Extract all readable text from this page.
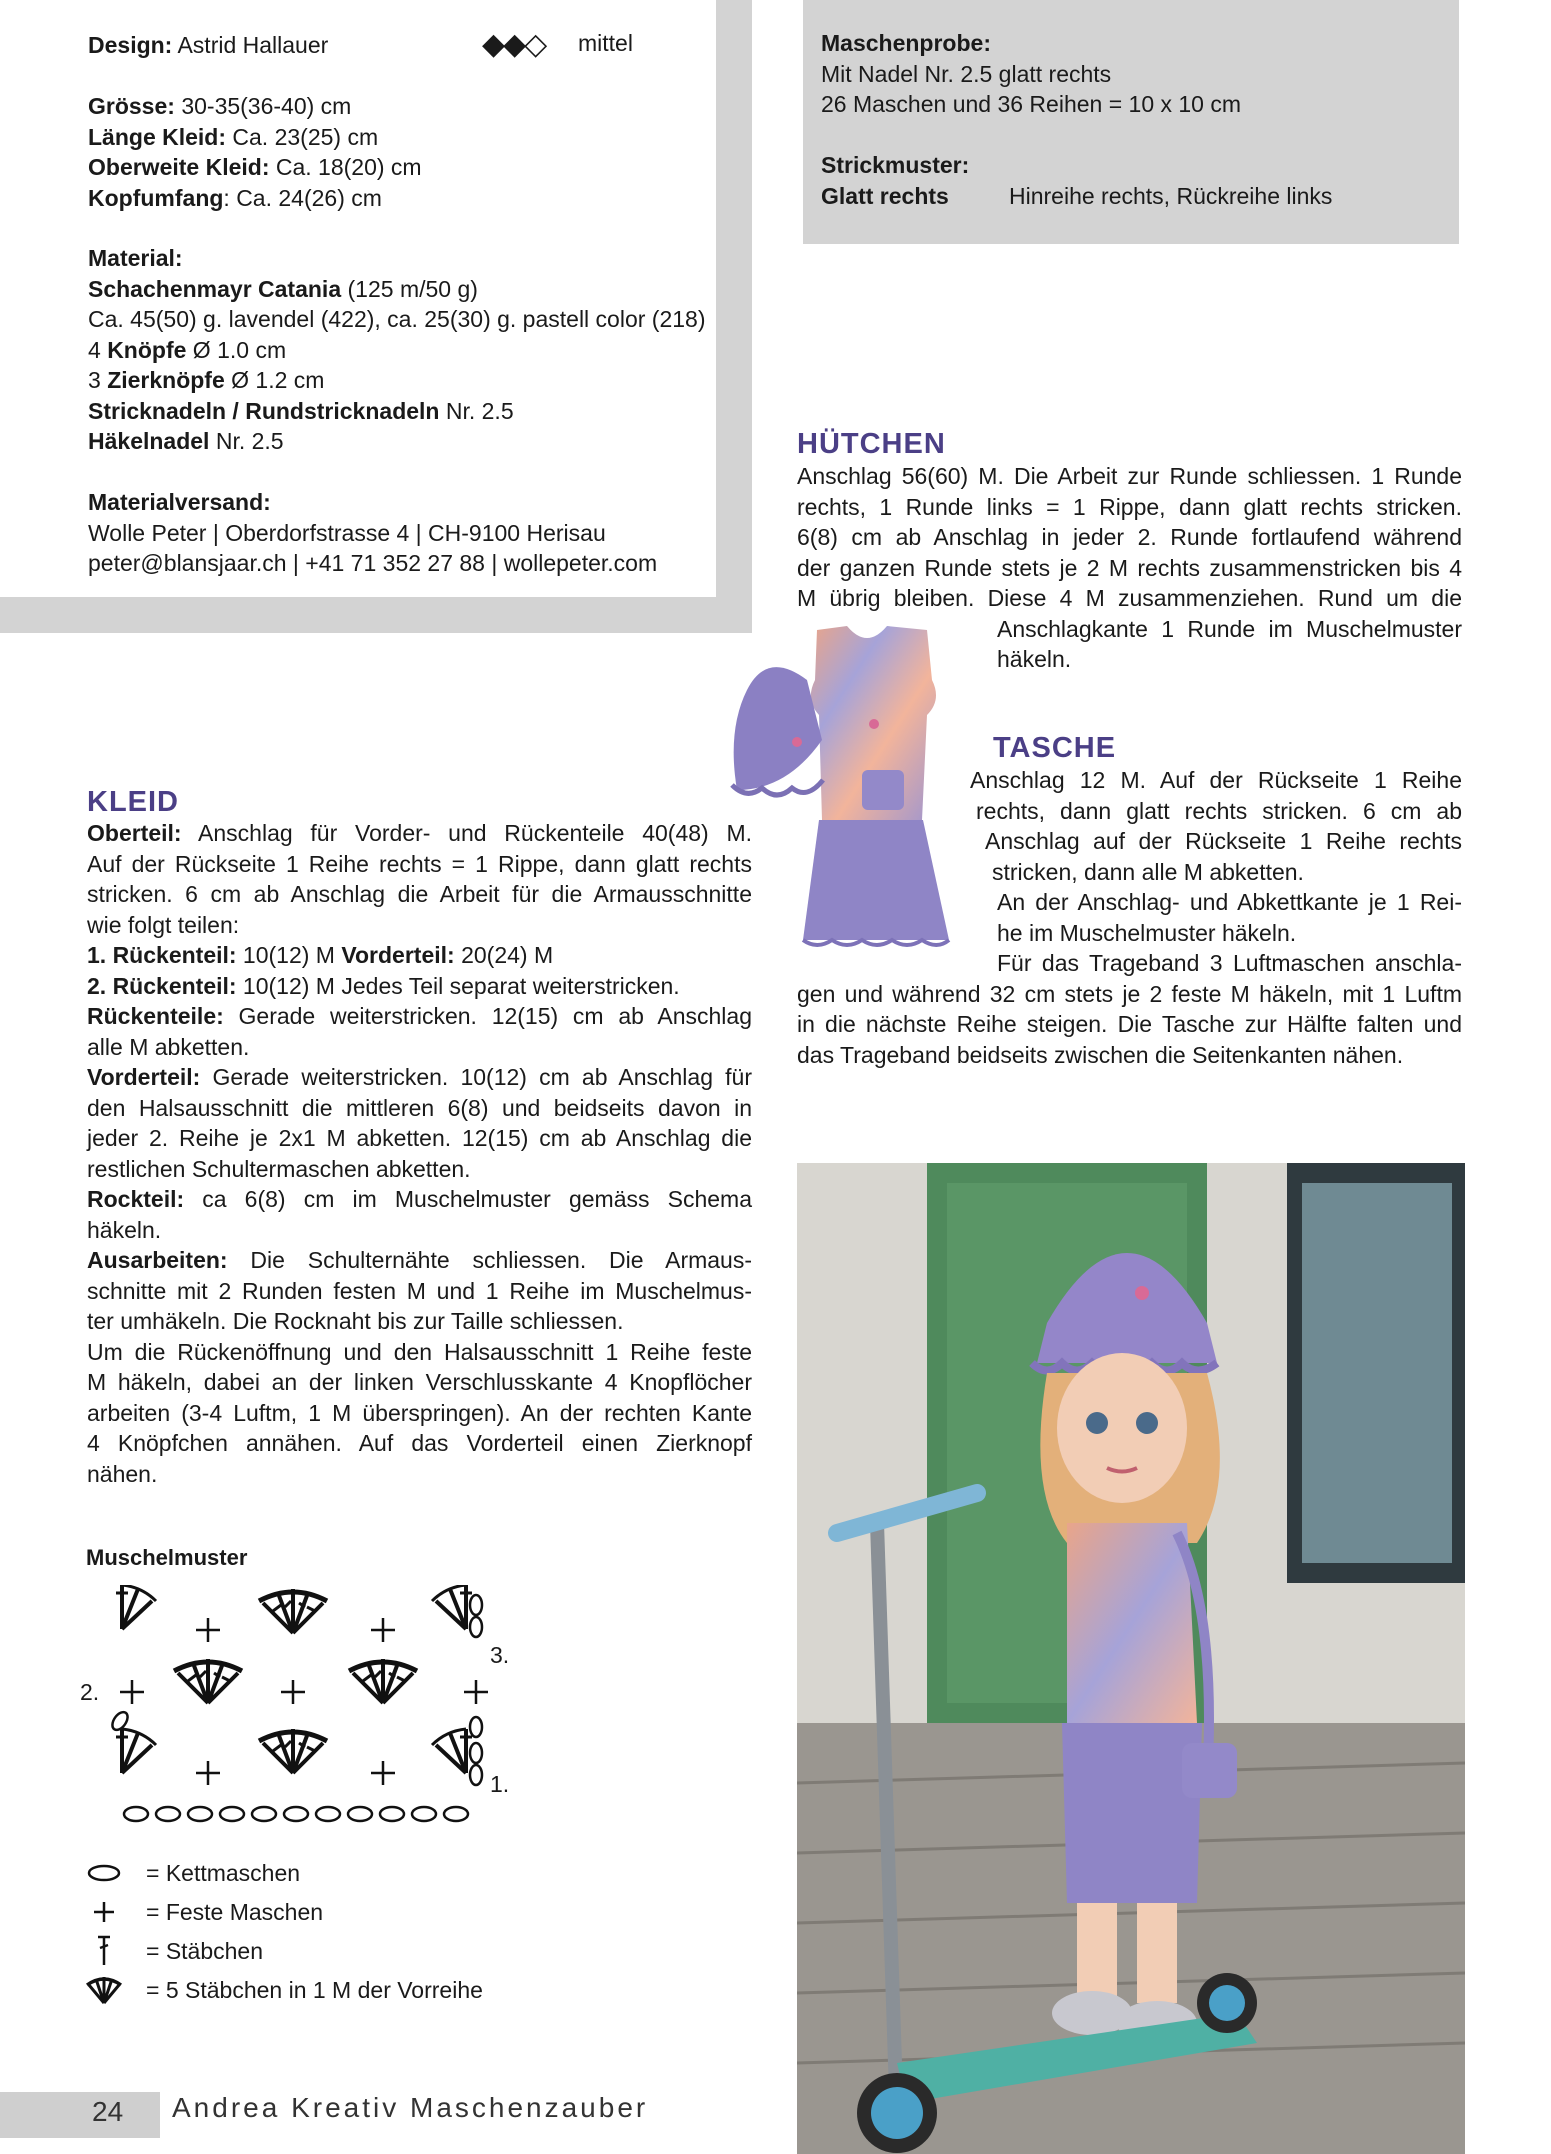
Design: Astrid Hallauer	◆◆◇ mittel

Grösse: 30-35(36-40) cm

Länge Kleid: Ca. 23(25) cm

Oberweite Kleid: Ca. 18(20) cm

Kopfumfang: Ca. 24(26) cm

Material:

Schachenmayr Catania (125 m/50 g)

Ca. 45(50) g. lavendel (422), ca. 25(30) g. pastell color (218)

4 Knöpfe Ø 1.0 cm

3 Zierknöpfe Ø 1.2 cm

Stricknadeln / Rundstricknadeln Nr. 2.5

Häkelnadel Nr. 2.5

Materialversand:

Wolle Peter | Oberdorfstrasse 4 | CH-9100 Herisau

peter@blansjaar.ch | +41 71 352 27 88 | wollepeter.com

Maschenprobe:

Mit Nadel Nr. 2.5 glatt rechts

26 Maschen und 36 Reihen = 10 x 10 cm

Strickmuster:

Glatt rechts	Hinreihe rechts, Rückreihe links

HÜTCHEN

Anschlag 56(60) M. Die Arbeit zur Runde schliessen. 1 Runde

rechts, 1 Runde links = 1 Rippe, dann glatt rechts stricken.

6(8) cm ab Anschlag in jeder 2. Runde fortlaufend während

der ganzen Runde stets je 2 M rechts zusammenstricken bis 4

M übrig bleiben. Diese 4 M zusammenziehen. Rund um die

Anschlagkante 1 Runde im Muschelmuster

häkeln.

TASCHE

Anschlag 12 M. Auf der Rückseite 1 Reihe

rechts, dann glatt rechts stricken. 6 cm ab

Anschlag auf der Rückseite 1 Reihe rechts

stricken, dann alle M abketten.

An der Anschlag- und Abkettkante je 1 Rei-

he im Muschelmuster häkeln.

Für das Trageband 3 Luftmaschen anschla-

gen und während 32 cm stets je 2 feste M häkeln, mit 1 Luftm

in die nächste Reihe steigen. Die Tasche zur Hälfte falten und

das Trageband beidseits zwischen die Seitenkanten nähen.

KLEID

Oberteil: Anschlag für Vorder- und Rückenteile 40(48) M.

Auf der Rückseite 1 Reihe rechts = 1 Rippe, dann glatt rechts

stricken. 6 cm ab Anschlag die Arbeit für die Armausschnitte

wie folgt teilen:

1. Rückenteil: 10(12) M Vorderteil: 20(24) M

2. Rückenteil: 10(12) M Jedes Teil separat weiterstricken.

Rückenteile: Gerade weiterstricken. 12(15) cm ab Anschlag

alle M abketten.

Vorderteil: Gerade weiterstricken. 10(12) cm ab Anschlag für

den Halsausschnitt die mittleren 6(8) und beidseits davon in

jeder 2. Reihe je 2x1 M abketten. 12(15) cm ab Anschlag die

restlichen Schultermaschen abketten.

Rockteil: ca 6(8) cm im Muschelmuster gemäss Schema

häkeln.

Ausarbeiten: Die Schulternähte schliessen. Die Armaus-

schnitte mit 2 Runden festen M und 1 Reihe im Muschelmus-

ter umhäkeln. Die Rocknaht bis zur Taille schliessen.

Um die Rückenöffnung und den Halsausschnitt 1 Reihe feste

M häkeln, dabei an der linken Verschlusskante 4 Knopflöcher

arbeiten (3-4 Luftm, 1 M überspringen). An der rechten Kante

4 Knöpfchen annähen. Auf das Vorderteil einen Zierknopf

nähen.

Muschelmuster
3.
2.
1.
= Kettmaschen
= Feste Maschen
= Stäbchen
= 5 Stäbchen in 1 M der Vorreihe
24 Andrea Kreativ Maschenzauber
